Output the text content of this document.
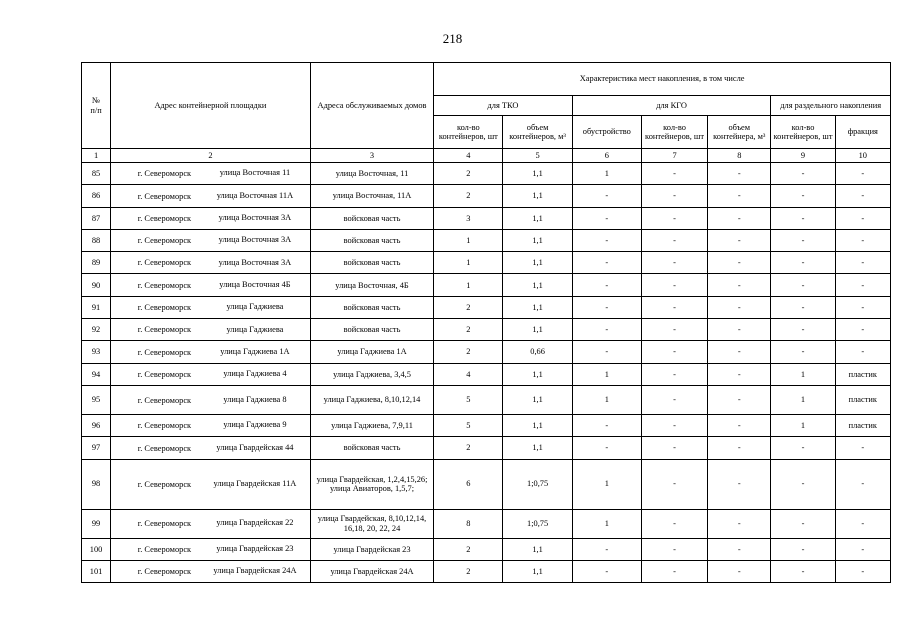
218
№
п/п	Адрес контейнерной площадки	Адреса обслуживаемых домов	Характеристика мест накопления, в том числе						
			для ТКО		для КГО			для раздельного накопления	
			кол-во контейнеров, шт	объем контейнеров, м³	обустройство	кол-во контейнеров, шт	объем контейнера, м³	кол-во контейнеров, шт	фракция
1	2	3	4	5	6	7	8	9	10
85	г. Североморск улица Восточная 11	улица Восточная, 11	2	1,1	1	-	-	-	-
86	г. Североморск улица Восточная 11А	улица Восточная, 11А	2	1,1	-	-	-	-	-
87	г. Североморск улица Восточная 3А	войсковая часть	3	1,1	-	-	-	-	-
88	г. Североморск улица Восточная 3А	войсковая часть	1	1,1	-	-	-	-	-
89	г. Североморск улица Восточная 3А	войсковая часть	1	1,1	-	-	-	-	-
90	г. Североморск улица Восточная 4Б	улица Восточная, 4Б	1	1,1	-	-	-	-	-
91	г. Североморск улица Гаджиева	войсковая часть	2	1,1	-	-	-	-	-
92	г. Североморск улица Гаджиева	войсковая часть	2	1,1	-	-	-	-	-
93	г. Североморск улица Гаджиева 1А	улица Гаджиева 1А	2	0,66	-	-	-	-	-
94	г. Североморск улица Гаджиева 4	улица Гаджиева, 3,4,5	4	1,1	1	-	-	1	пластик
95	г. Североморск улица Гаджиева 8	улица Гаджиева, 8,10,12,14	5	1,1	1	-	-	1	пластик
96	г. Североморск улица Гаджиева 9	улица Гаджиева, 7,9,11	5	1,1	-	-	-	1	пластик
97	г. Североморск улица Гвардейская 44	войсковая часть	2	1,1	-	-	-	-	-
98	г. Североморск улица Гвардейская 11А	улица Гвардейская, 1,2,4,15,26; улица Авиаторов, 1,5,7;	6	1;0,75	1	-	-	-	-
99	г. Североморск улица Гвардейская 22	улица Гвардейская, 8,10,12,14, 16,18, 20, 22, 24	8	1;0,75	1	-	-	-	-
100	г. Североморск улица Гвардейская 23	улица Гвардейская 23	2	1,1	-	-	-	-	-
101	г. Североморск улица Гвардейская 24А	улица Гвардейская 24А	2	1,1	-	-	-	-	-
